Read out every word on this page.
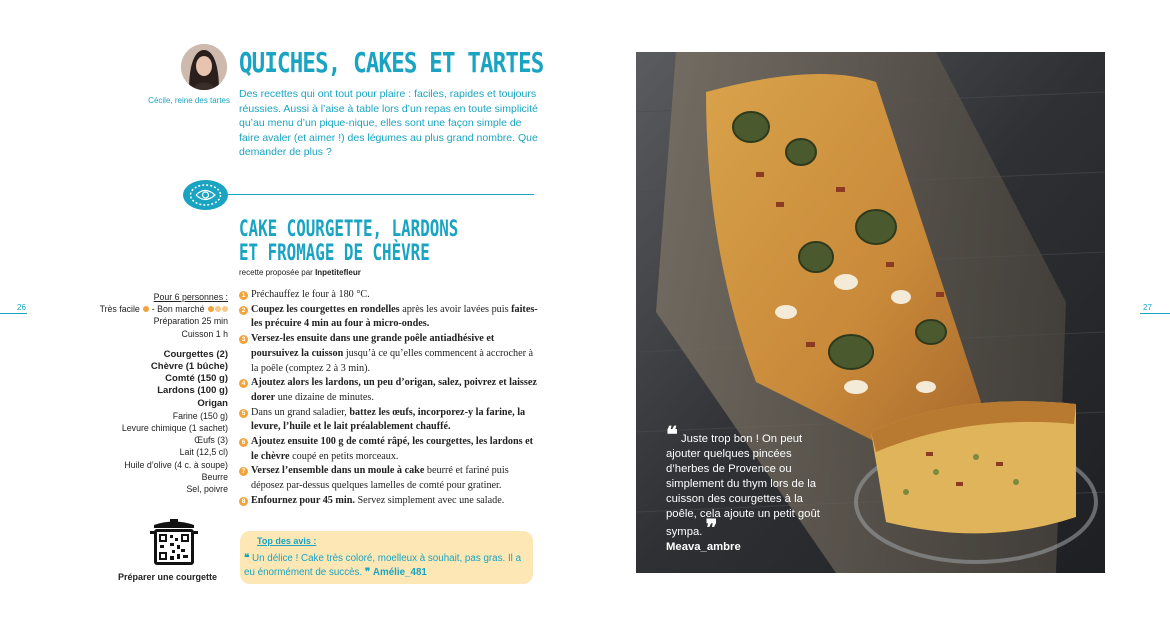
Cécile, reine des tartes
QUICHES, CAKES ET TARTES
Des recettes qui ont tout pour plaire : faciles, rapides et toujours réussies. Aussi à l’aise à table lors d’un repas en toute simplicité qu’au menu d’un pique-nique, elles sont une façon simple de faire avaler (et aimer !) des légumes au plus grand nombre. Que demander de plus ?
CAKE COURGETTE, LARDONS
ET FROMAGE DE CHÈVRE
recette proposée par Inpetitefleur
26	27
Pour 6 personnes :
Très facile - Bon marché
Préparation 25 min
Cuisson 1 h
Courgettes (2)
Chèvre (1 bûche)
Comté (150 g)
Lardons (100 g)
Origan
Farine (150 g)
Levure chimique (1 sachet)
Œufs (3)
Lait (12,5 cl)
Huile d’olive (4 c. à soupe)
Beurre
Sel, poivre
1 Préchauffez le four à 180 °C.
2 Coupez les courgettes en rondelles après les avoir lavées puis faites-les précuire 4 min au four à micro-ondes.
3 Versez-les ensuite dans une grande poêle antiadhésive et poursuivez la cuisson jusqu’à ce qu’elles commencent à accrocher à la poêle (comptez 2 à 3 min).
4 Ajoutez alors les lardons, un peu d’origan, salez, poivrez et laissez dorer une dizaine de minutes.
5 Dans un grand saladier, battez les œufs, incorporez-y la farine, la levure, l’huile et le lait préalablement chauffé.
6 Ajoutez ensuite 100 g de comté râpé, les courgettes, les lardons et le chèvre coupé en petits morceaux.
7 Versez l’ensemble dans un moule à cake beurré et fariné puis déposez par-dessus quelques lamelles de comté pour gratiner.
8 Enfournez pour 45 min. Servez simplement avec une salade.
Préparer une courgette
Top des avis :
❝ Un délice ! Cake très coloré, moelleux à souhait, pas gras. Il a eu énormément de succès. ❞ Amélie_481
❝ Juste trop bon ! On peut ajouter quelques pincées d’herbes de Provence ou simplement du thym lors de la cuisson des courgettes à la poêle, cela ajoute un petit goût sympa. ❞
Meava_ambre
